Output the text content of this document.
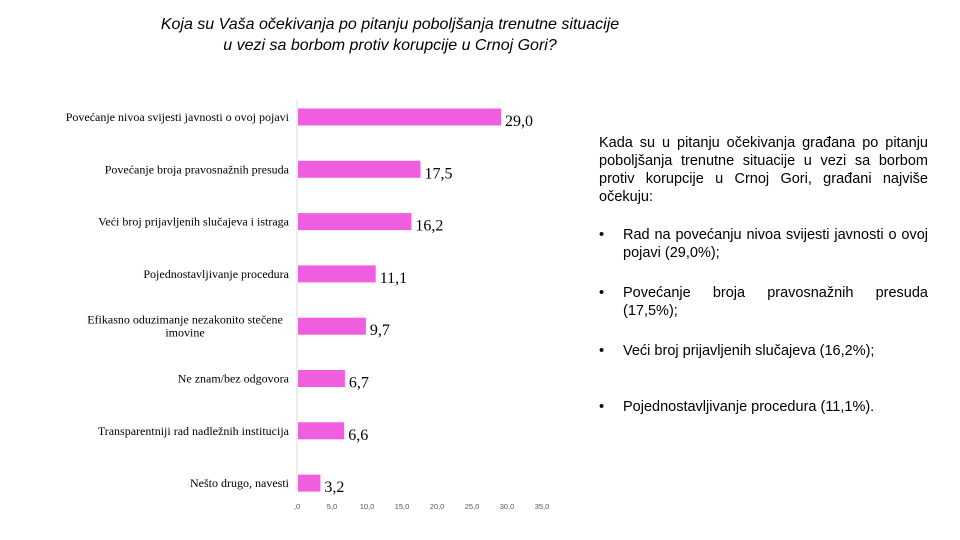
Koja su Vaša očekivanja po pitanju poboljšanja trenutne situacije
u vezi sa borbom protiv korupcije u Crnoj Gori?
29,0
Povećanje nivoa svijesti javnosti o ovoj pojavi
17,5
Povećanje broja pravosnažnih presuda
16,2
Veći broj prijavljenih slučajeva i istraga
11,1
Pojednostavljivanje procedura
9,7
Efikasno oduzimanje nezakonito stečene
imovine
6,7
Ne znam/bez odgovora
6,6
Transparentniji rad nadležnih institucija
3,2
Nešto drugo, navesti
,0	5,0	10,0	15,0	20,0	25,0	30,0	35,0
Kada su u pitanju očekivanja građana po pitanju poboljšanja trenutne situacije u vezi sa borbom protiv korupcije u Crnoj Gori, građani najviše očekuju:
• Rad na povećanju nivoa svijesti javnosti o ovoj pojavi (29,0%);
• Povećanje broja pravosnažnih presuda (17,5%);
• Veći broj prijavljenih slučajeva (16,2%);
• Pojednostavljivanje procedura (11,1%).
